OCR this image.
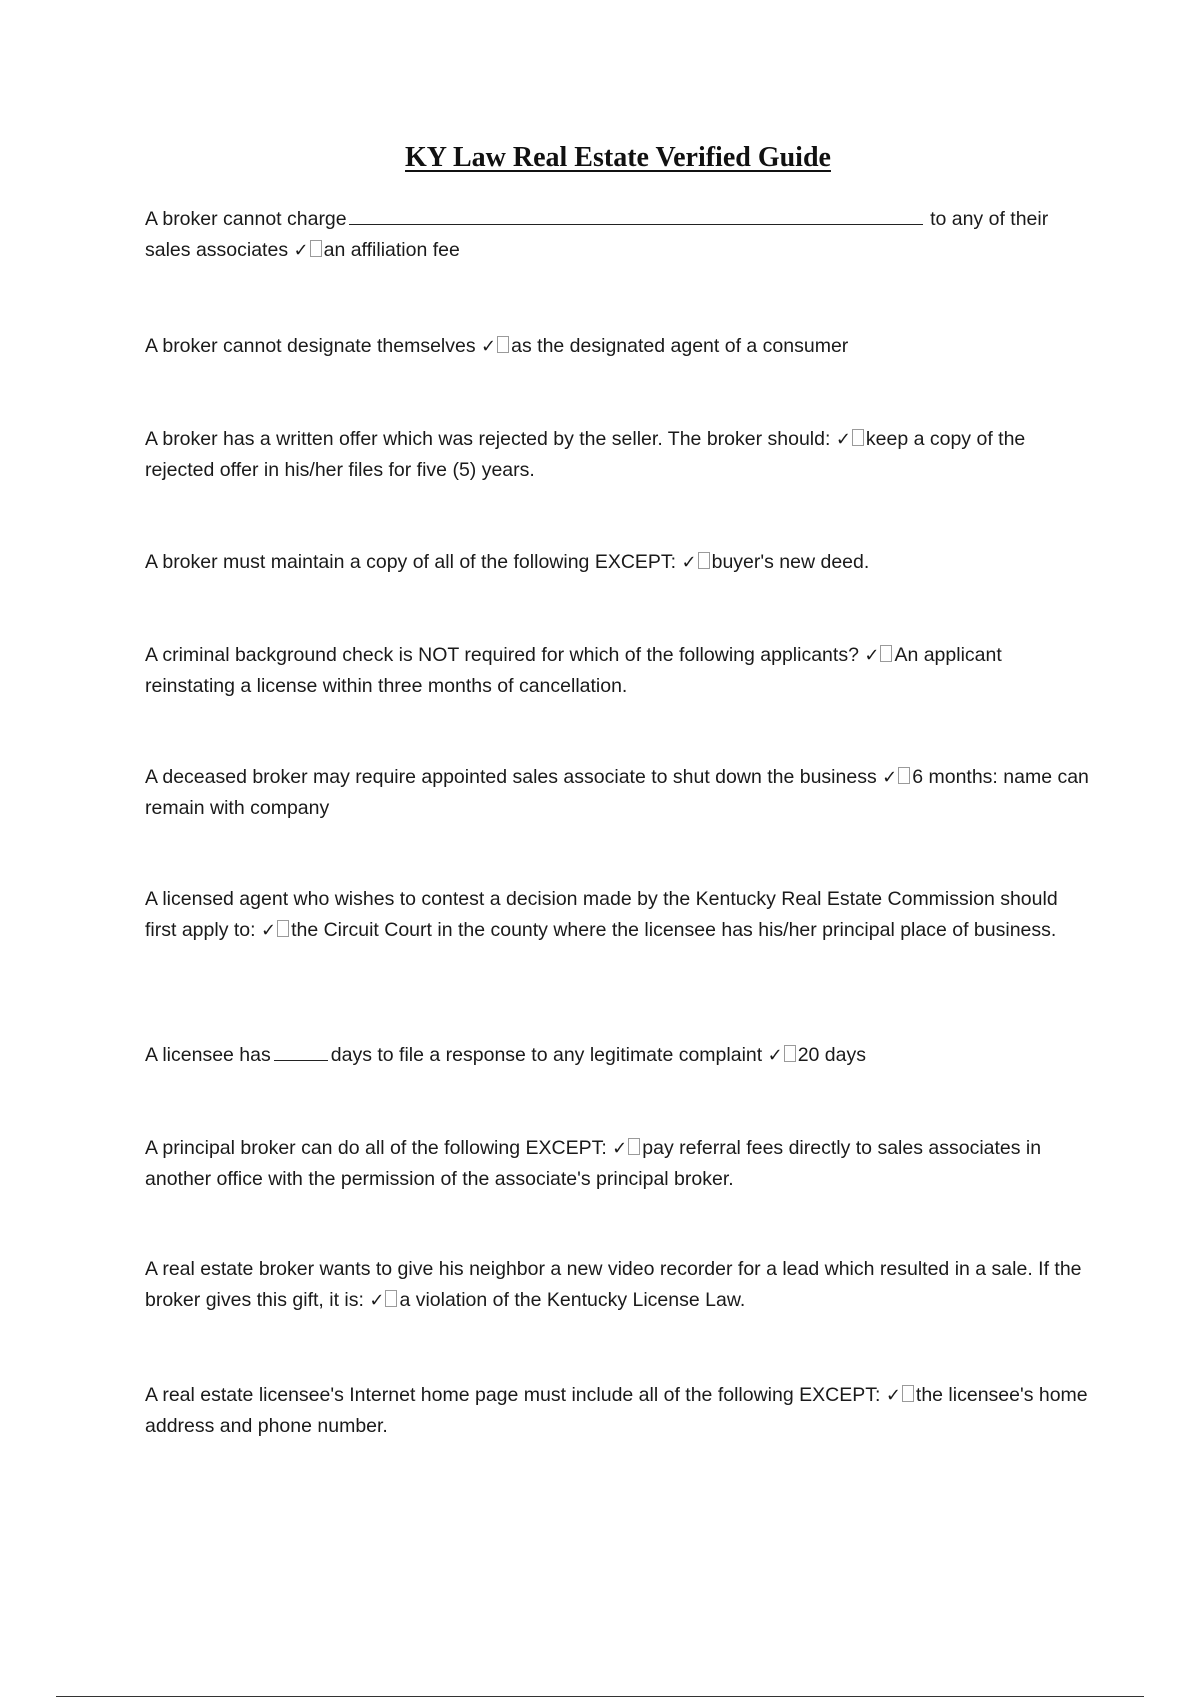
KY Law Real Estate Verified Guide

A broker cannot charge	to any of their sales associates ✓ an affiliation fee

A broker cannot designate themselves ✓ as the designated agent of a consumer

A broker has a written offer which was rejected by the seller. The broker should: ✓ keep a copy of the rejected offer in his/her files for five (5) years.

A broker must maintain a copy of all of the following EXCEPT: ✓ buyer's new deed.

A criminal background check is NOT required for which of the following applicants? ✓ An applicant reinstating a license within three months of cancellation.

A deceased broker may require appointed sales associate to shut down the business ✓ 6 months: name can remain with company

A licensed agent who wishes to contest a decision made by the Kentucky Real Estate Commission should first apply to: ✓ the Circuit Court in the county where the licensee has his/her principal place of business.

A licensee has	days to file a response to any legitimate complaint ✓ 20 days

A principal broker can do all of the following EXCEPT: ✓ pay referral fees directly to sales associates in another office with the permission of the associate's principal broker.

A real estate broker wants to give his neighbor a new video recorder for a lead which resulted in a sale. If the broker gives this gift, it is: ✓ a violation of the Kentucky License Law.

A real estate licensee's Internet home page must include all of the following EXCEPT: ✓ the licensee's home address and phone number.
